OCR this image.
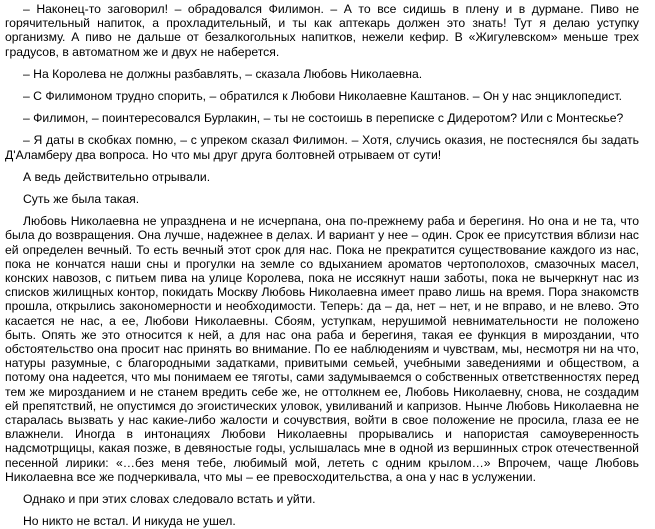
– Наконец-то заговорил! – обрадовался Филимон. – А то все сидишь в плену и в дурмане. Пиво не горячительный напиток, а прохладительный, и ты как аптекарь должен это знать! Тут я делаю уступку организму. А пиво не дальше от безалкогольных напитков, нежели кефир. В «Жигулевском» меньше трех градусов, в автоматном же и двух не наберется.

– На Королева не должны разбавлять, – сказала Любовь Николаевна.

– С Филимоном трудно спорить, – обратился к Любови Николаевне Каштанов. – Он у нас энциклопедист.

– Филимон, – поинтересовался Бурлакин, – ты не состоишь в переписке с Дидеротом? Или с Монтескье?

– Я даты в скобках помню, – с упреком сказал Филимон. – Хотя, случись оказия, не постеснялся бы задать Д'Аламберу два вопроса. Но что мы друг друга болтовней отрываем от сути!

А ведь действительно отрывали.

Суть же была такая.

Любовь Николаевна не упразднена и не исчерпана, она по-прежнему раба и берегиня. Но она и не та, что была до возвращения. Она лучше, надежнее в делах. И вариант у нее – один. Срок ее присутствия вблизи нас ей определен вечный. То есть вечный этот срок для нас. Пока не прекратится существование каждого из нас, пока не кончатся наши сны и прогулки на земле со вдыханием ароматов чертополохов, смазочных масел, конских навозов, с питьем пива на улице Королева, пока не иссякнут наши заботы, пока не вычеркнут нас из списков жилищных контор, покидать Москву Любовь Николаевна имеет право лишь на время. Пора знакомств прошла, открылись закономерности и необходимости. Теперь: да – да, нет – нет, и не вправо, и не влево. Это касается не нас, а ее, Любови Николаевны. Сбоям, уступкам, нерушимой невнимательности не положено быть. Опять же это относится к ней, а для нас она раба и берегиня, такая ее функция в мироздании, что обстоятельство она просит нас принять во внимание. По ее наблюдениям и чувствам, мы, несмотря ни на что, натуры разумные, с благородными задатками, привитыми семьей, учебными заведениями и обществом, а потому она надеется, что мы понимаем ее тяготы, сами задумываемся о собственных ответственностях перед тем же мирозданием и не станем вредить себе же, не оттолкнем ее, Любовь Николаевну, снова, не создадим ей препятствий, не опустимся до эгоистических уловок, увиливаний и капризов. Нынче Любовь Николаевна не старалась вызвать у нас какие-либо жалости и сочувствия, войти в свое положение не просила, глаза ее не влажнели. Иногда в интонациях Любови Николаевны прорывались и напористая самоуверенность надсмотрщицы, какая позже, в девяностые годы, услышалась мне в одной из вершинных строк отечественной песенной лирики: «…без меня тебе, любимый мой, лететь с одним крылом…» Впрочем, чаще Любовь Николаевна все же подчеркивала, что мы – ее превосходительства, а она у нас в услужении.

Однако и при этих словах следовало встать и уйти.

Но никто не встал. И никуда не ушел.
